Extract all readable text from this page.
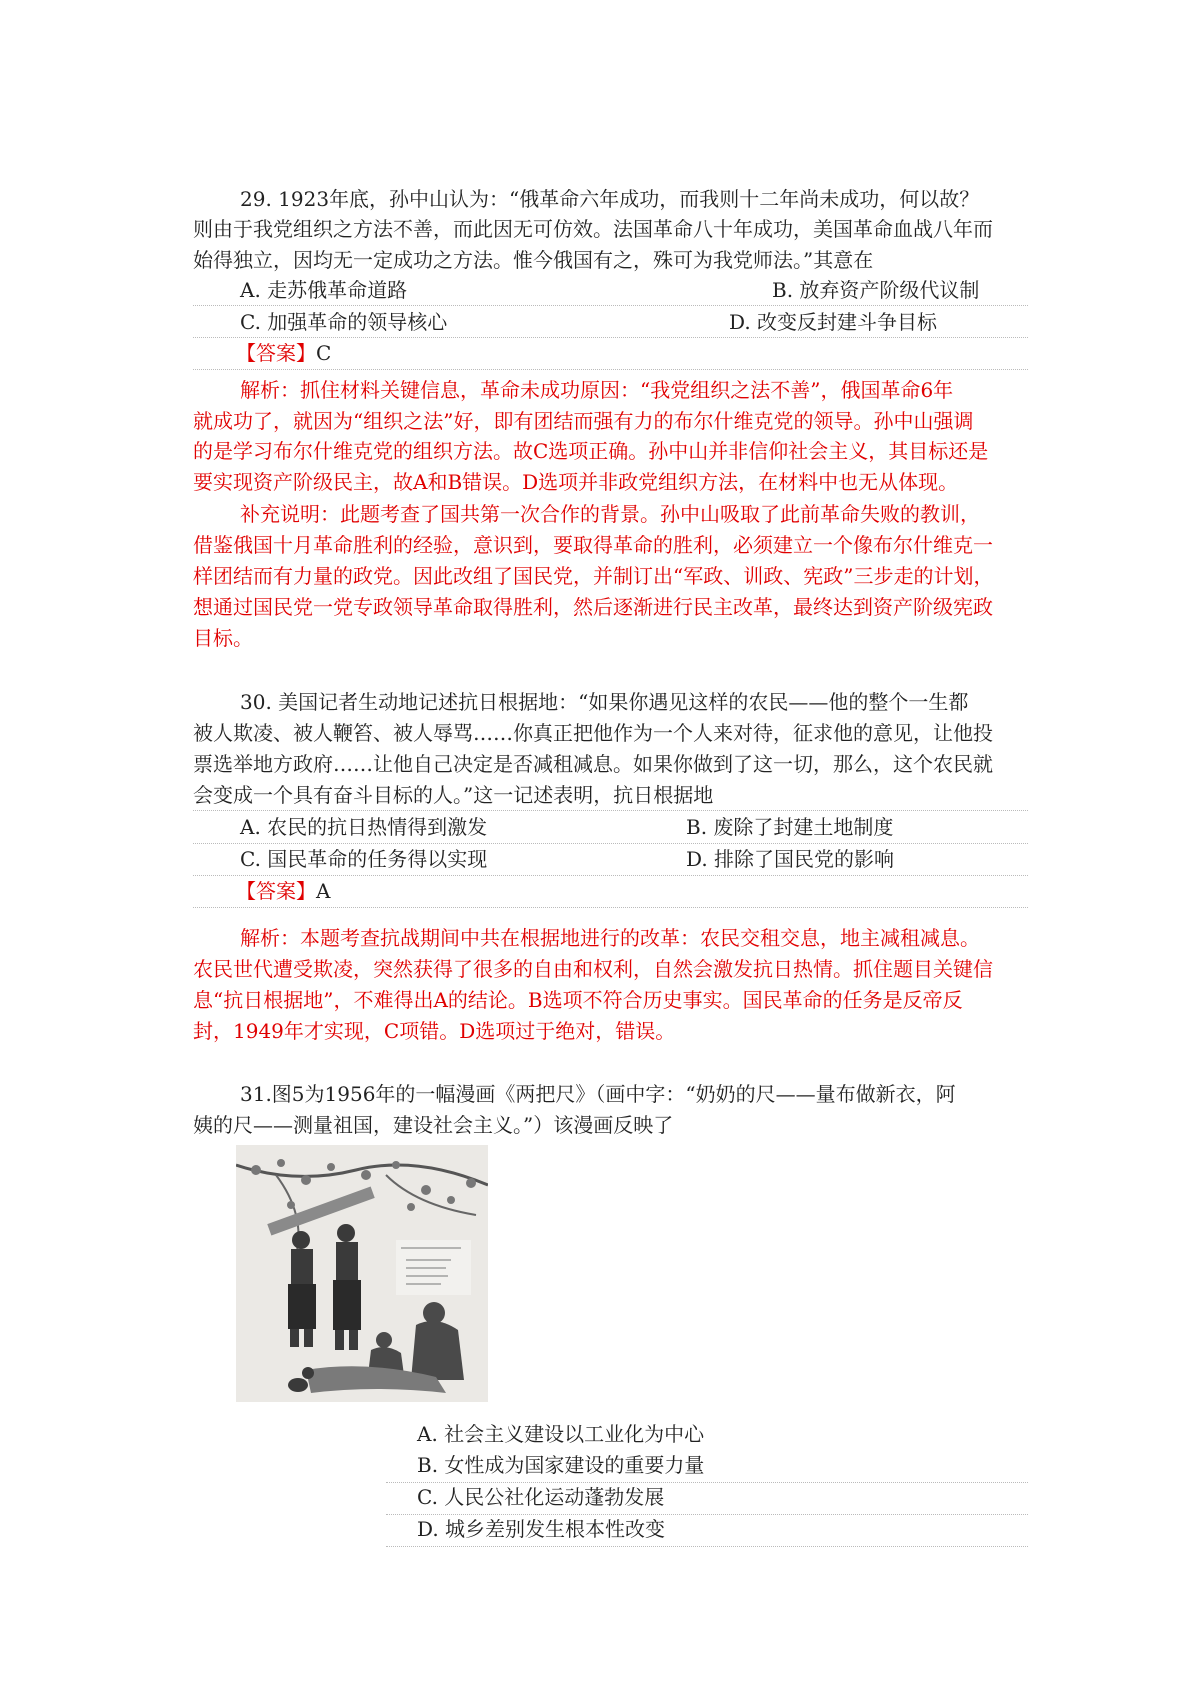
29. 1923年底，孙中山认为：“俄革命六年成功，而我则十二年尚未成功，何以故？
则由于我党组织之方法不善，而此因无可仿效。法国革命八十年成功，美国革命血战八年而
始得独立，因均无一定成功之方法。惟今俄国有之，殊可为我党师法。”其意在
A. 走苏俄革命道路	B. 放弃资产阶级代议制
C. 加强革命的领导核心	D. 改变反封建斗争目标
【答案】C
解析：抓住材料关键信息，革命未成功原因：“我党组织之法不善”，俄国革命6年
就成功了，就因为“组织之法”好，即有团结而强有力的布尔什维克党的领导。孙中山强调
的是学习布尔什维克党的组织方法。故C选项正确。孙中山并非信仰社会主义，其目标还是
要实现资产阶级民主，故A和B错误。D选项并非政党组织方法，在材料中也无从体现。
补充说明：此题考查了国共第一次合作的背景。孙中山吸取了此前革命失败的教训，
借鉴俄国十月革命胜利的经验，意识到，要取得革命的胜利，必须建立一个像布尔什维克一
样团结而有力量的政党。因此改组了国民党，并制订出“军政、训政、宪政”三步走的计划，
想通过国民党一党专政领导革命取得胜利，然后逐渐进行民主改革，最终达到资产阶级宪政
目标。
30. 美国记者生动地记述抗日根据地：“如果你遇见这样的农民——他的整个一生都
被人欺凌、被人鞭笞、被人辱骂……你真正把他作为一个人来对待，征求他的意见，让他投
票选举地方政府……让他自己决定是否减租减息。如果你做到了这一切，那么，这个农民就
会变成一个具有奋斗目标的人。”这一记述表明，抗日根据地
A. 农民的抗日热情得到激发	B. 废除了封建土地制度
C. 国民革命的任务得以实现	D. 排除了国民党的影响
【答案】A
解析：本题考查抗战期间中共在根据地进行的改革：农民交租交息，地主减租减息。
农民世代遭受欺凌，突然获得了很多的自由和权利，自然会激发抗日热情。抓住题目关键信
息“抗日根据地”，不难得出A的结论。B选项不符合历史事实。国民革命的任务是反帝反
封，1949年才实现，C项错。D选项过于绝对，错误。
31.图5为1956年的一幅漫画《两把尺》（画中字：“奶奶的尺——量布做新衣，阿
姨的尺——测量祖国，建设社会主义。”）该漫画反映了
A. 社会主义建设以工业化为中心
B. 女性成为国家建设的重要力量
C. 人民公社化运动蓬勃发展
D. 城乡差别发生根本性改变
